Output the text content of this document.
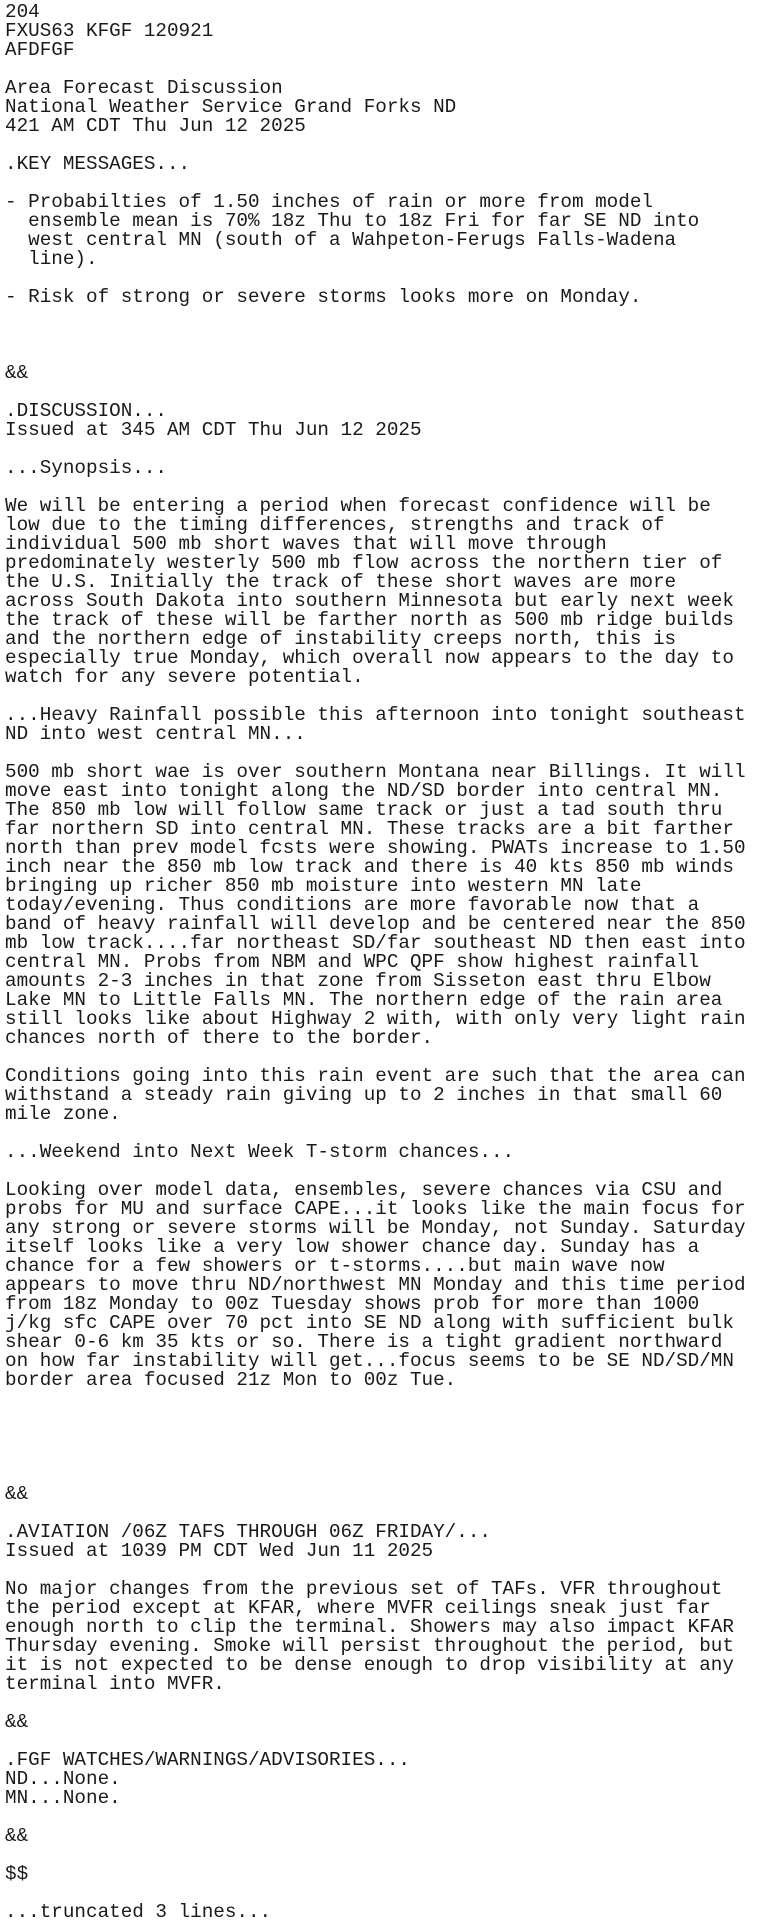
204
FXUS63 KFGF 120921
AFDFGF
Area Forecast Discussion
National Weather Service Grand Forks ND
421 AM CDT Thu Jun 12 2025
.KEY MESSAGES...
- Probabilties of 1.50 inches of rain or more from model
ensemble mean is 70% 18z Thu to 18z Fri for far SE ND into
west central MN (south of a Wahpeton-Ferugs Falls-Wadena
line).
- Risk of strong or severe storms looks more on Monday.
&&
.DISCUSSION...
Issued at 345 AM CDT Thu Jun 12 2025
...Synopsis...
We will be entering a period when forecast confidence will be
low due to the timing differences, strengths and track of
individual 500 mb short waves that will move through
predominately westerly 500 mb flow across the northern tier of
the U.S. Initially the track of these short waves are more
across South Dakota into southern Minnesota but early next week
the track of these will be farther north as 500 mb ridge builds
and the northern edge of instability creeps north, this is
especially true Monday, which overall now appears to the day to
watch for any severe potential.
...Heavy Rainfall possible this afternoon into tonight southeast
ND into west central MN...
500 mb short wae is over southern Montana near Billings. It will
move east into tonight along the ND/SD border into central MN.
The 850 mb low will follow same track or just a tad south thru
far northern SD into central MN. These tracks are a bit farther
north than prev model fcsts were showing. PWATs increase to 1.50
inch near the 850 mb low track and there is 40 kts 850 mb winds
bringing up richer 850 mb moisture into western MN late
today/evening. Thus conditions are more favorable now that a
band of heavy rainfall will develop and be centered near the 850
mb low track....far northeast SD/far southeast ND then east into
central MN. Probs from NBM and WPC QPF show highest rainfall
amounts 2-3 inches in that zone from Sisseton east thru Elbow
Lake MN to Little Falls MN. The northern edge of the rain area
still looks like about Highway 2 with, with only very light rain
chances north of there to the border.
Conditions going into this rain event are such that the area can
withstand a steady rain giving up to 2 inches in that small 60
mile zone.
...Weekend into Next Week T-storm chances...
Looking over model data, ensembles, severe chances via CSU and
probs for MU and surface CAPE...it looks like the main focus for
any strong or severe storms will be Monday, not Sunday. Saturday
itself looks like a very low shower chance day. Sunday has a
chance for a few showers or t-storms....but main wave now
appears to move thru ND/northwest MN Monday and this time period
from 18z Monday to 00z Tuesday shows prob for more than 1000
j/kg sfc CAPE over 70 pct into SE ND along with sufficient bulk
shear 0-6 km 35 kts or so. There is a tight gradient northward
on how far instability will get...focus seems to be SE ND/SD/MN
border area focused 21z Mon to 00z Tue.
&&
.AVIATION /06Z TAFS THROUGH 06Z FRIDAY/...
Issued at 1039 PM CDT Wed Jun 11 2025
No major changes from the previous set of TAFs. VFR throughout
the period except at KFAR, where MVFR ceilings sneak just far
enough north to clip the terminal. Showers may also impact KFAR
Thursday evening. Smoke will persist throughout the period, but
it is not expected to be dense enough to drop visibility at any
terminal into MVFR.
&&
.FGF WATCHES/WARNINGS/ADVISORIES...
ND...None.
MN...None.
&&
$$
...truncated 3 lines...
